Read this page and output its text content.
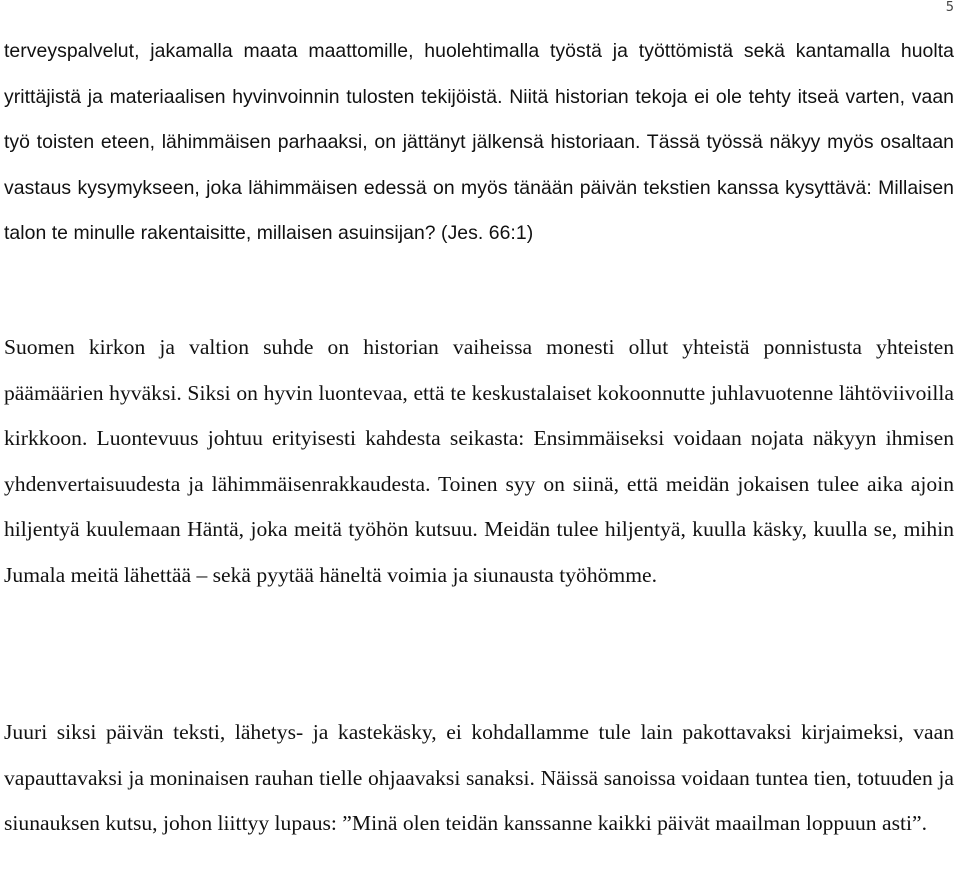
5

terveyspalvelut, jakamalla maata maattomille, huolehtimalla työstä ja työttömistä sekä kantamalla huolta yrittäjistä ja materiaalisen hyvinvoinnin tulosten tekijöistä. Niitä historian tekoja ei ole tehty itseä varten, vaan työ toisten eteen, lähimmäisen parhaaksi, on jättänyt jälkensä historiaan. Tässä työssä näkyy myös osaltaan vastaus kysymykseen, joka lähimmäisen edessä on myös tänään päivän tekstien kanssa kysyttävä: Millaisen talon te minulle rakentaisitte, millaisen asuinsijan? (Jes. 66:1)

Suomen kirkon ja valtion suhde on historian vaiheissa monesti ollut yhteistä ponnistusta yhteisten päämäärien hyväksi. Siksi on hyvin luontevaa, että te keskustalaiset kokoonnutte juhlavuotenne lähtöviivoilla kirkkoon. Luontevuus johtuu erityisesti kahdesta seikasta: Ensimmäiseksi voidaan nojata näkyyn ihmisen yhdenvertaisuudesta ja lähimmäisenrakkaudesta. Toinen syy on siinä, että meidän jokaisen tulee aika ajoin hiljentyä kuulemaan Häntä, joka meitä työhön kutsuu. Meidän tulee hiljentyä, kuulla käsky, kuulla se, mihin Jumala meitä lähettää – sekä pyytää häneltä voimia ja siunausta työhömme.

Juuri siksi päivän teksti, lähetys- ja kastekäsky, ei kohdallamme tule lain pakottavaksi kirjaimeksi, vaan vapauttavaksi ja moninaisen rauhan tielle ohjaavaksi sanaksi. Näissä sanoissa voidaan tuntea tien, totuuden ja siunauksen kutsu, johon liittyy lupaus: ”Minä olen teidän kanssanne kaikki päivät maailman loppuun asti”.
